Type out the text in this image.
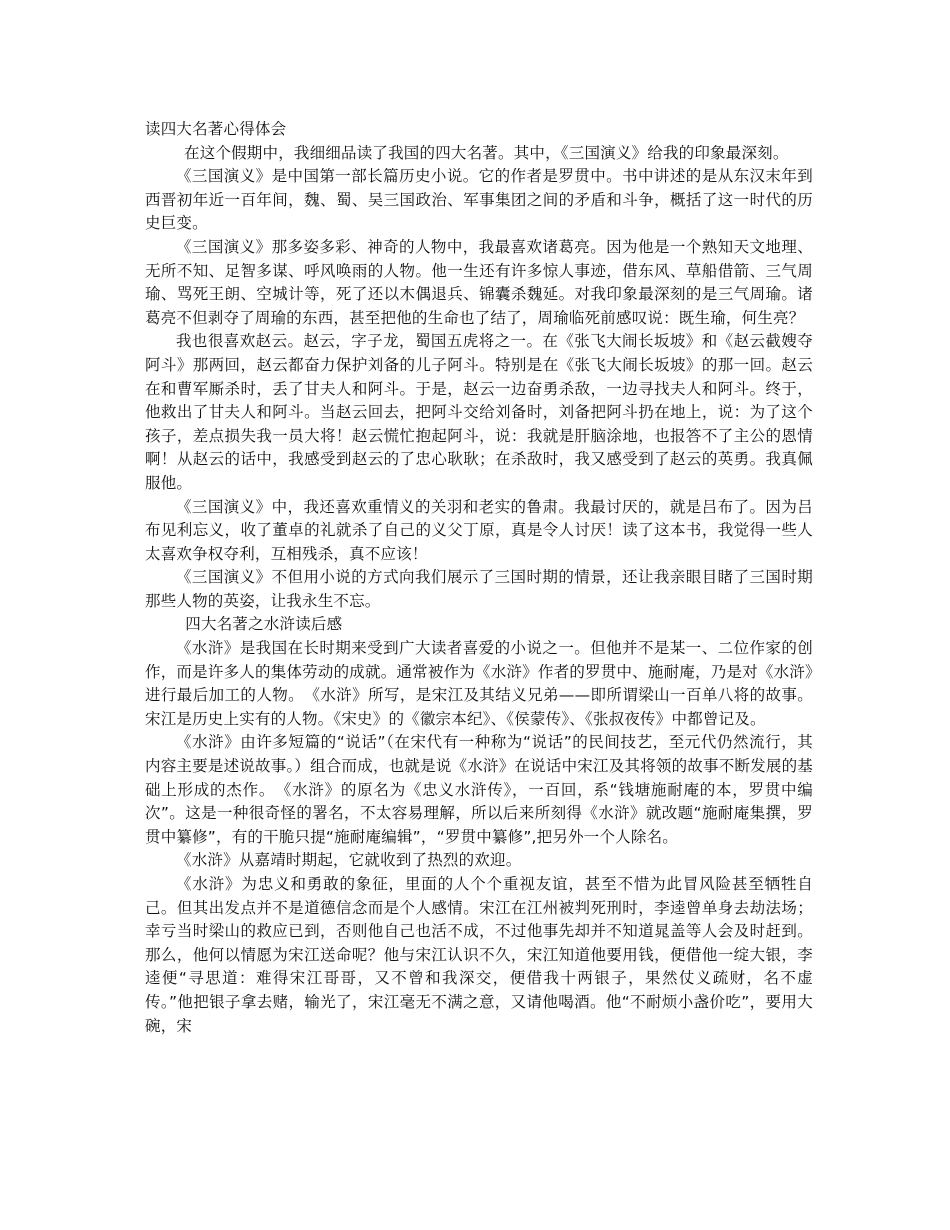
读四大名著心得体会

在这个假期中，我细细品读了我国的四大名著。其中，《三国演义》给我的印象最深刻。

《三国演义》是中国第一部长篇历史小说。它的作者是罗贯中。书中讲述的是从东汉末年到西晋初年近一百年间，魏、蜀、吴三国政治、军事集团之间的矛盾和斗争，概括了这一时代的历史巨变。

《三国演义》那多姿多彩、神奇的人物中，我最喜欢诸葛亮。因为他是一个熟知天文地理、无所不知、足智多谋、呼风唤雨的人物。他一生还有许多惊人事迹，借东风、草船借箭、三气周瑜、骂死王朗、空城计等，死了还以木偶退兵、锦囊杀魏延。对我印象最深刻的是三气周瑜。诸葛亮不但剥夺了周瑜的东西，甚至把他的生命也了结了，周瑜临死前感叹说：既生瑜，何生亮？

我也很喜欢赵云。赵云，字子龙，蜀国五虎将之一。在《张飞大闹长坂坡》和《赵云截嫂夺阿斗》那两回，赵云都奋力保护刘备的儿子阿斗。特别是在《张飞大闹长坂坡》的那一回。赵云在和曹军厮杀时，丢了甘夫人和阿斗。于是，赵云一边奋勇杀敌，一边寻找夫人和阿斗。终于，他救出了甘夫人和阿斗。当赵云回去，把阿斗交给刘备时，刘备把阿斗扔在地上，说：为了这个孩子，差点损失我一员大将！赵云慌忙抱起阿斗，说：我就是肝脑涂地，也报答不了主公的恩情啊！从赵云的话中，我感受到赵云的了忠心耿耿；在杀敌时，我又感受到了赵云的英勇。我真佩服他。

《三国演义》中，我还喜欢重情义的关羽和老实的鲁肃。我最讨厌的，就是吕布了。因为吕布见利忘义，收了董卓的礼就杀了自己的义父丁原，真是令人讨厌！读了这本书，我觉得一些人太喜欢争权夺利，互相残杀，真不应该！

《三国演义》不但用小说的方式向我们展示了三国时期的情景，还让我亲眼目睹了三国时期那些人物的英姿，让我永生不忘。

四大名著之水浒读后感

《水浒》是我国在长时期来受到广大读者喜爱的小说之一。但他并不是某一、二位作家的创作，而是许多人的集体劳动的成就。通常被作为《水浒》作者的罗贯中、施耐庵，乃是对《水浒》进行最后加工的人物。　《水浒》所写，是宋江及其结义兄弟——即所谓梁山一百单八将的故事。宋江是历史上实有的人物。《宋史》的《徽宗本纪》、《侯蒙传》、《张叔夜传》中都曾记及。

《水浒》由许多短篇的“说话”（在宋代有一种称为“说话”的民间技艺，至元代仍然流行，其内容主要是述说故事。）组合而成，也就是说《水浒》在说话中宋江及其将领的故事不断发展的基础上形成的杰作。　《水浒》的原名为《忠义水浒传》，一百回，系“钱塘施耐庵的本，罗贯中编次”。这是一种很奇怪的署名，不太容易理解，所以后来所刻得《水浒》就改题“施耐庵集撰，罗贯中纂修”，有的干脆只提“施耐庵编辑”，“罗贯中纂修”,把另外一个人除名。

《水浒》从嘉靖时期起，它就收到了热烈的欢迎。

《水浒》为忠义和勇敢的象征，里面的人个个重视友谊，甚至不惜为此冒风险甚至牺牲自己。但其出发点并不是道德信念而是个人感情。宋江在江州被判死刑时，李逵曾单身去劫法场；幸亏当时梁山的救应已到，否则他自己也活不成，不过他事先却并不知道晁盖等人会及时赶到。那么，他何以情愿为宋江送命呢？他与宋江认识不久，宋江知道他要用钱，便借他一绽大银，李逵便“寻思道：难得宋江哥哥，又不曾和我深交，便借我十两银子，果然仗义疏财，名不虚传。”他把银子拿去赌，输光了，宋江毫无不满之意，又请他喝酒。他“不耐烦小盏价吃”，要用大碗，宋
